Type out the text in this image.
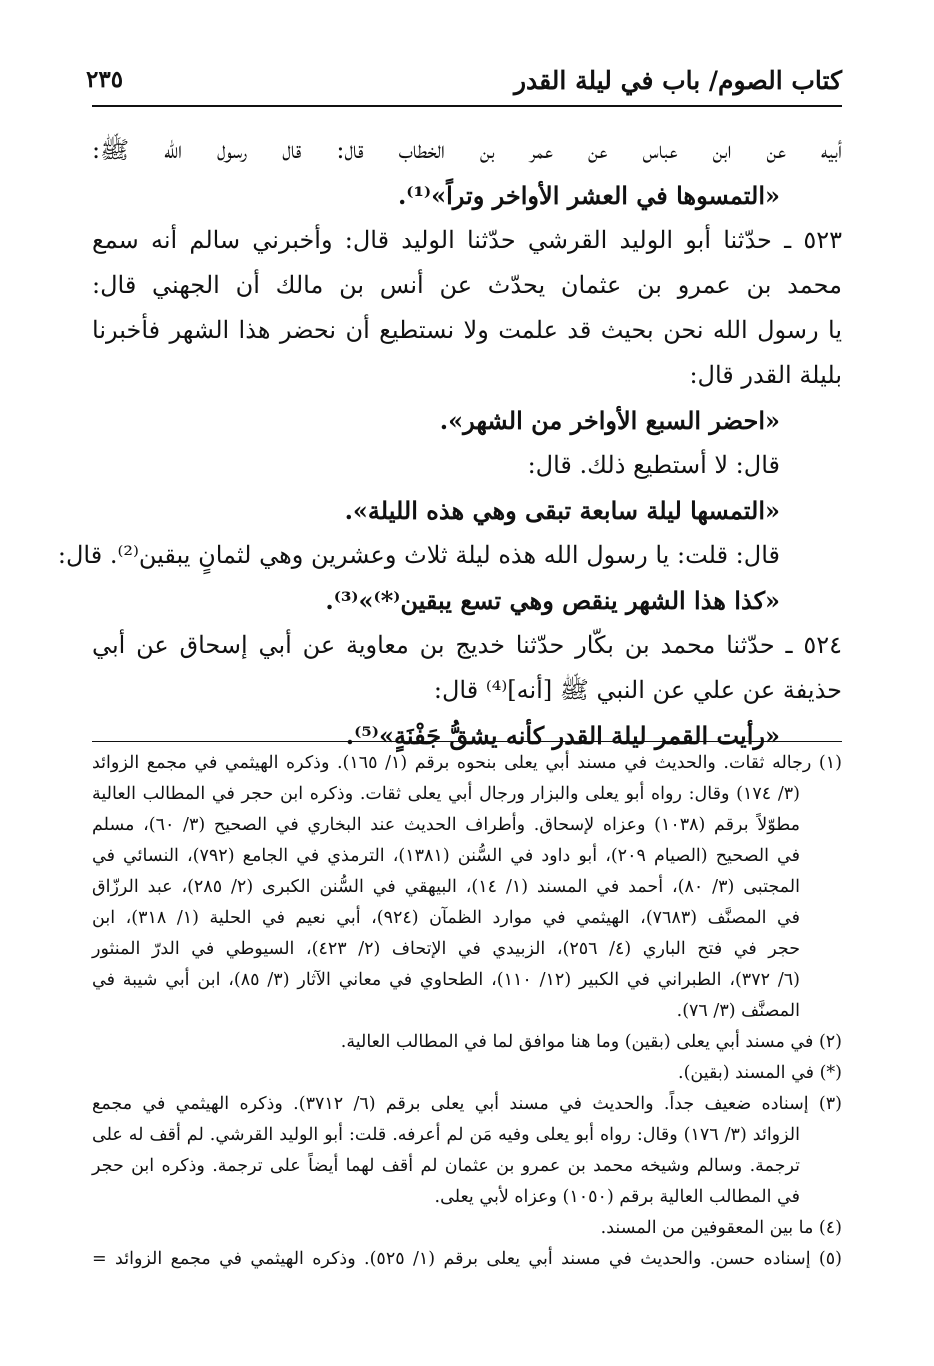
كتاب الصوم/ باب في ليلة القدر
٢٣٥
أبيه عن ابن عباس عن عمر بن الخطاب قال: قال رسول الله ﷺ:
«التمسوها في العشر الأواخر وتراً»⁽¹⁾.
٥٢٣ ـ حدّثنا أبو الوليد القرشي حدّثنا الوليد قال: وأخبرني سالم أنه سمع
محمد بن عمرو بن عثمان يحدّث عن أنس بن مالك أن الجهني قال:
يا رسول الله نحن بحيث قد علمت ولا نستطيع أن نحضر هذا الشهر فأخبرنا
بليلة القدر قال:
«احضر السبع الأواخر من الشهر».
قال: لا أستطيع ذلك. قال:
«التمسها ليلة سابعة تبقى وهي هذه الليلة».
قال: قلت: يا رسول الله هذه ليلة ثلاث وعشرين وهي لثمانٍ يبقين⁽²⁾. قال:
«كذا هذا الشهر ينقص وهي تسع يبقين⁽*⁾»⁽³⁾.
٥٢٤ ـ حدّثنا محمد بن بكّار حدّثنا خديج بن معاوية عن أبي إسحاق عن أبي
حذيفة عن علي عن النبي ﷺ [أنه]⁽⁴⁾ قال:
«رأيت القمر ليلة القدر كأنه يشقُّ جَفْنَةٍ»⁽⁵⁾.
(١) رجاله ثقات. والحديث في مسند أبي يعلى بنحوه برقم (١/ ١٦٥). وذكره الهيثمي في مجمع الزوائد
(٣/ ١٧٤) وقال: رواه أبو يعلى والبزار ورجال أبي يعلى ثقات. وذكره ابن حجر في المطالب العالية
مطوّلاً برقم (١٠٣٨) وعزاه لإسحاق. وأطراف الحديث عند البخاري في الصحيح (٣/ ٦٠)، مسلم
في الصحيح (الصيام ٢٠٩)، أبو داود في السُّنن (١٣٨١)، الترمذي في الجامع (٧٩٢)، النسائي في
المجتبى (٣/ ٨٠)، أحمد في المسند (١/ ١٤)، البيهقي في السُّنن الكبرى (٢/ ٢٨٥)، عبد الرزّاق
في المصنَّف (٧٦٨٣)، الهيثمي في موارد الظمآن (٩٢٤)، أبي نعيم في الحلية (١/ ٣١٨)، ابن
حجر في فتح الباري (٤/ ٢٥٦)، الزبيدي في الإتحاف (٢/ ٤٢٣)، السيوطي في الدرّ المنثور
(٦/ ٣٧٢)، الطبراني في الكبير (١٢/ ١١٠)، الطحاوي في معاني الآثار (٣/ ٨٥)، ابن أبي شيبة في
المصنَّف (٣/ ٧٦).
(٢) في مسند أبي يعلى (بقين) وما هنا موافق لما في المطالب العالية.
(*) في المسند (بقين).
(٣) إسناده ضعيف جداً. والحديث في مسند أبي يعلى برقم (٦/ ٣٧١٢). وذكره الهيثمي في مجمع
الزوائد (٣/ ١٧٦) وقال: رواه أبو يعلى وفيه مَن لم أعرفه. قلت: أبو الوليد القرشي. لم أقف له على
ترجمة. وسالم وشيخه محمد بن عمرو بن عثمان لم أقف لهما أيضاً على ترجمة. وذكره ابن حجر
في المطالب العالية برقم (١٠٥٠) وعزاه لأبي يعلى.
(٤) ما بين المعقوفين من المسند.
(٥) إسناده حسن. والحديث في مسند أبي يعلى برقم (١/ ٥٢٥). وذكره الهيثمي في مجمع الزوائد =
